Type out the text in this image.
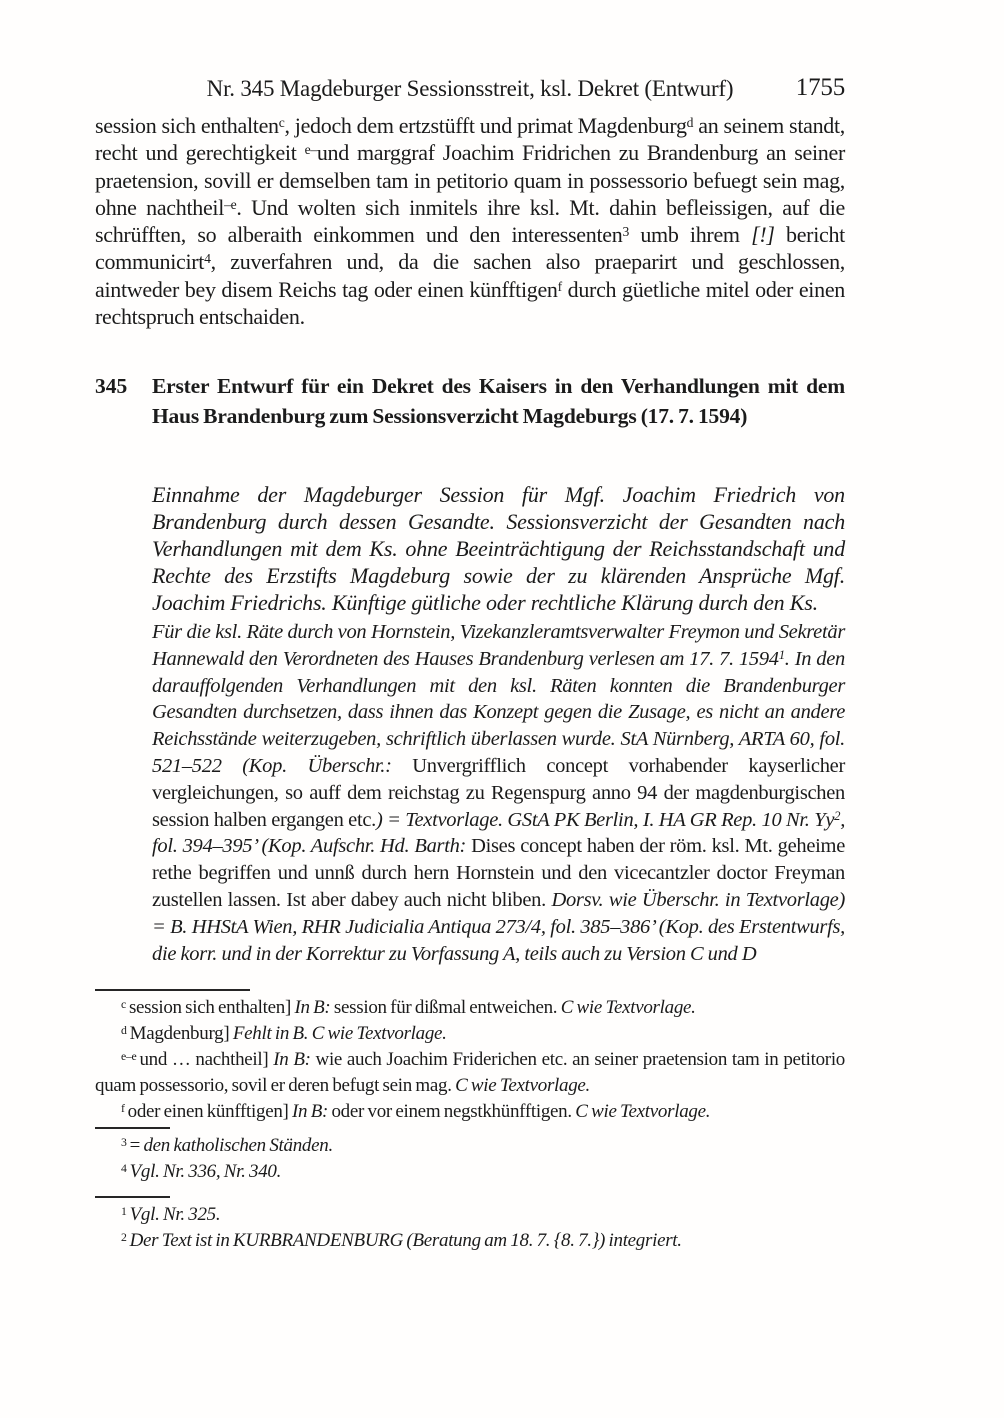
Nr. 345 Magdeburger Sessionsstreit, ksl. Dekret (Entwurf) 1755

session sich enthalten$^c$, jedoch dem ertzstüfft und primat Magdenburg$^d$ an seinem standt, recht und gerechtigkeit $^{e-}$und marggraf Joachim Fridrichen zu Brandenburg an seiner praetension, sovill er demselben tam in petitorio quam in possessorio befuegt sein mag, ohne nachtheil$^{-e}$. Und wolten sich inmitels ihre ksl. Mt. dahin befleissigen, auf die schrüfften, so alberaith einkommen und den interessenten$^3$ umb ihrem [!] bericht communicirt$^4$, zuverfahren und, da die sachen also praeparirt und geschlossen, aintweder bey disem Reichs tag oder einen künfftigen$^f$ durch güetliche mitel oder einen rechtspruch entschaiden.

345	Erster Entwurf für ein Dekret des Kaisers in den Verhandlungen mit dem Haus Brandenburg zum Sessionsverzicht Magdeburgs (17. 7. 1594)

Einnahme der Magdeburger Session für Mgf. Joachim Friedrich von Brandenburg durch dessen Gesandte. Sessionsverzicht der Gesandten nach Verhandlungen mit dem Ks. ohne Beeinträchtigung der Reichsstandschaft und Rechte des Erzstifts Magdeburg sowie der zu klärenden Ansprüche Mgf. Joachim Friedrichs. Künftige gütliche oder rechtliche Klärung durch den Ks.

Für die ksl. Räte durch von Hornstein, Vizekanzleramtsverwalter Freymon und Sekretär Hannewald den Verordneten des Hauses Brandenburg verlesen am 17. 7. 1594$^1$. In den darauffolgenden Verhandlungen mit den ksl. Räten konnten die Brandenburger Gesandten durchsetzen, dass ihnen das Konzept gegen die Zusage, es nicht an andere Reichsstände weiterzugeben, schriftlich überlassen wurde. StA Nürnberg, ARTA 60, fol. 521–522 (Kop. Überschr.: Unvergrifflich concept vorhabender kayserlicher vergleichungen, so auff dem reichstag zu Regenspurg anno 94 der magdenburgischen session halben ergangen etc.) = Textvorlage. GStA PK Berlin, I. HA GR Rep. 10 Nr. Yy$^2$, fol. 394–395’ (Kop. Aufschr. Hd. Barth: Dises concept haben der röm. ksl. Mt. geheime rethe begriffen und unnß durch hern Hornstein und den vicecantzler doctor Freyman zustellen lassen. Ist aber dabey auch nicht bliben. Dorsv. wie Überschr. in Textvorlage) = B. HHStA Wien, RHR Judicialia Antiqua 273/4, fol. 385–386’ (Kop. des Erstentwurfs, die korr. und in der Korrektur zu Vorfassung A, teils auch zu Version C und D

$^c$ session sich enthalten] In B: session für dißmal entweichen. C wie Textvorlage.

$^d$ Magdenburg] Fehlt in B. C wie Textvorlage.

$^{e-e}$ und … nachtheil] In B: wie auch Joachim Friderichen etc. an seiner praetension tam in petitorio quam possessorio, sovil er deren befugt sein mag. C wie Textvorlage.

$^f$ oder einen künfftigen] In B: oder vor einem negstkhünfftigen. C wie Textvorlage.

$^3$ = den katholischen Ständen.

$^4$ Vgl. Nr. 336, Nr. 340.

$^1$ Vgl. Nr. 325.

$^2$ Der Text ist in KURBRANDENBURG (Beratung am 18. 7. {8. 7.}) integriert.
